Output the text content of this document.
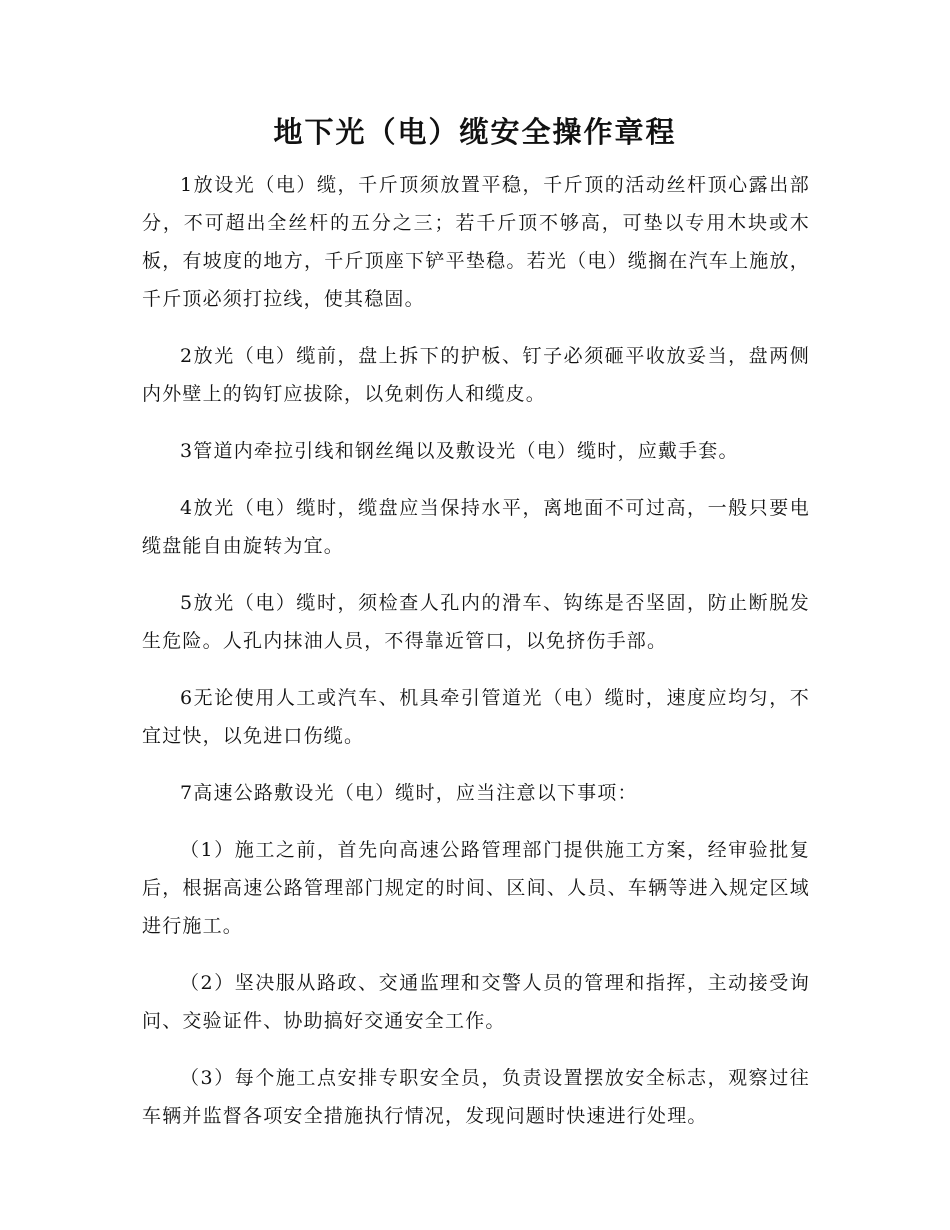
地下光（电）缆安全操作章程

1放设光（电）缆，千斤顶须放置平稳，千斤顶的活动丝杆顶心露出部分，不可超出全丝杆的五分之三；若千斤顶不够高，可垫以专用木块或木板，有坡度的地方，千斤顶座下铲平垫稳。若光（电）缆搁在汽车上施放，千斤顶必须打拉线，使其稳固。

2放光（电）缆前，盘上拆下的护板、钉子必须砸平收放妥当，盘两侧内外壁上的钩钉应拔除，以免刺伤人和缆皮。

3管道内牵拉引线和钢丝绳以及敷设光（电）缆时，应戴手套。

4放光（电）缆时，缆盘应当保持水平，离地面不可过高，一般只要电缆盘能自由旋转为宜。

5放光（电）缆时，须检查人孔内的滑车、钩练是否坚固，防止断脱发生危险。人孔内抹油人员，不得靠近管口，以免挤伤手部。

6无论使用人工或汽车、机具牵引管道光（电）缆时，速度应均匀，不宜过快，以免进口伤缆。

7高速公路敷设光（电）缆时，应当注意以下事项：

（1）施工之前，首先向高速公路管理部门提供施工方案，经审验批复后，根据高速公路管理部门规定的时间、区间、人员、车辆等进入规定区域进行施工。

（2）坚决服从路政、交通监理和交警人员的管理和指挥，主动接受询问、交验证件、协助搞好交通安全工作。

（3）每个施工点安排专职安全员，负责设置摆放安全标志，观察过往车辆并监督各项安全措施执行情况，发现问题时快速进行处理。
